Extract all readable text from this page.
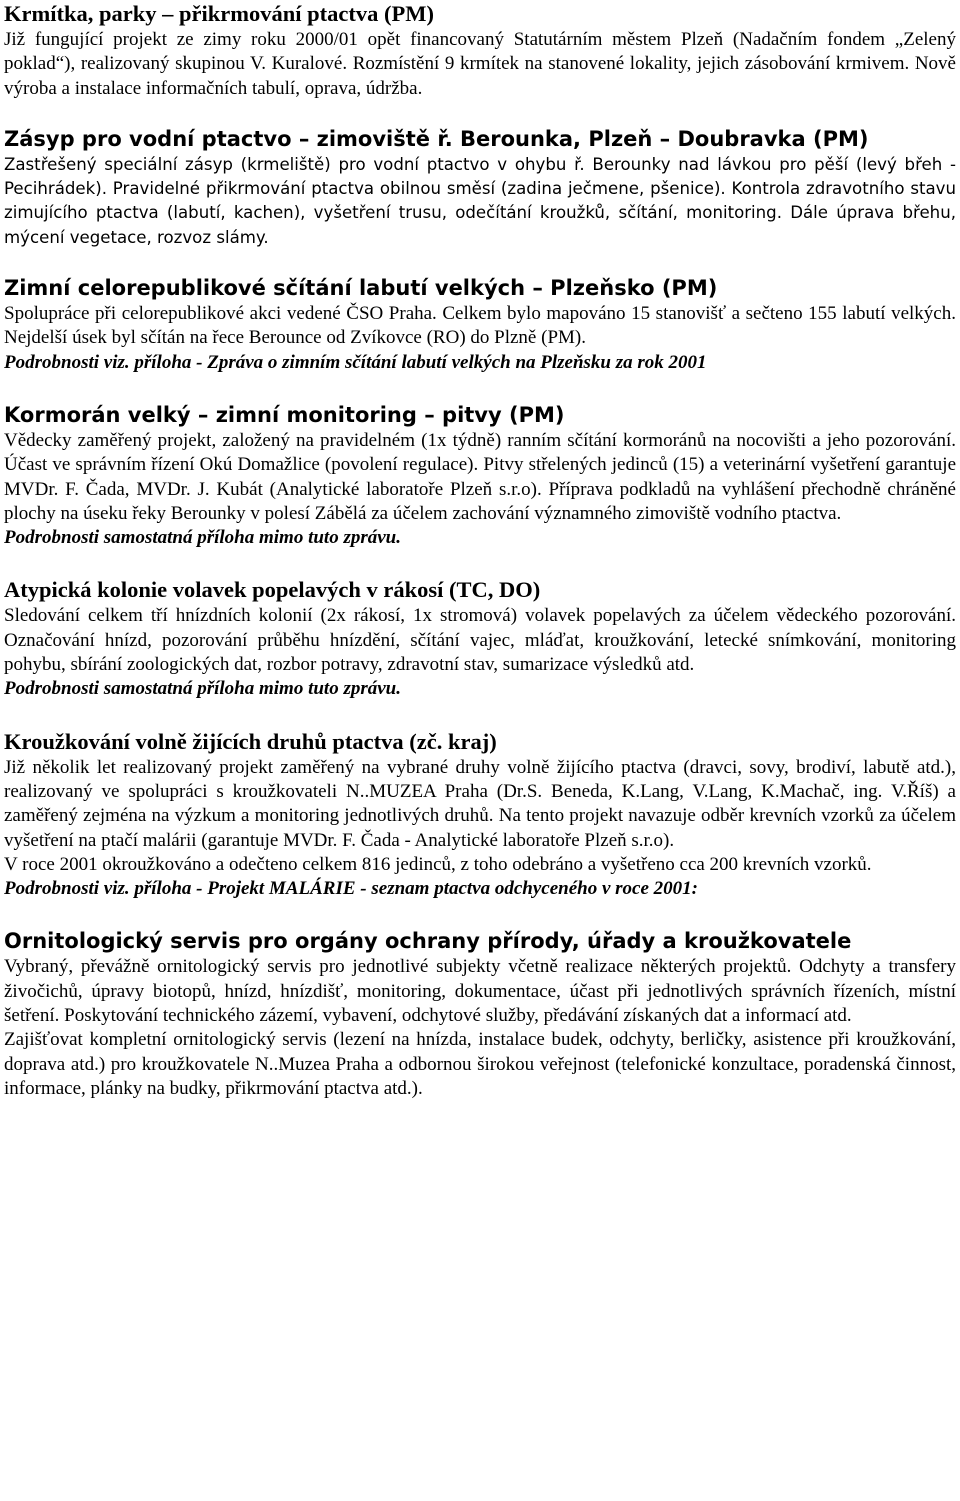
Krmítka, parky – přikrmování ptactva (PM)
Již fungující projekt ze zimy roku 2000/01 opět financovaný Statutárním městem Plzeň (Nadačním fondem „Zelený poklad“), realizovaný skupinou V. Kuralové. Rozmístění 9 krmítek na stanovené lokality, jejich zásobování krmivem. Nově výroba a instalace informačních tabulí, oprava, údržba.
Zásyp pro vodní ptactvo – zimoviště ř. Berounka, Plzeň – Doubravka (PM)
Zastřešený speciální zásyp (krmeliště) pro vodní ptactvo v ohybu ř. Berounky nad lávkou pro pěší (levý břeh - Pecihrádek). Pravidelné přikrmování ptactva obilnou směsí (zadina ječmene, pšenice). Kontrola zdravotního stavu zimujícího ptactva (labutí, kachen), vyšetření trusu, odečítání kroužků, sčítání, monitoring. Dále úprava břehu, mýcení vegetace, rozvoz slámy.
Zimní celorepublikové sčítání labutí velkých – Plzeňsko (PM)
Spolupráce při celorepublikové akci vedené ČSO Praha. Celkem bylo mapováno 15 stanovišť a sečteno 155 labutí velkých. Nejdelší úsek byl sčítán na řece Berounce od Zvíkovce (RO) do Plzně (PM).
Podrobnosti viz. příloha - Zpráva o zimním sčítání labutí velkých na Plzeňsku za rok 2001
Kormorán velký – zimní monitoring – pitvy (PM)
Vědecky zaměřený projekt, založený na pravidelném (1x týdně) ranním sčítání kormoránů na nocovišti a jeho pozorování. Účast ve správním řízení Okú Domažlice (povolení regulace). Pitvy střelených jedinců (15) a veterinární vyšetření garantuje MVDr. F. Čada, MVDr. J. Kubát (Analytické laboratoře Plzeň s.r.o). Příprava podkladů na vyhlášení přechodně chráněné plochy na úseku řeky Berounky v polesí Zábělá za účelem zachování významného zimoviště vodního ptactva.
Podrobnosti samostatná příloha mimo tuto zprávu.
Atypická kolonie volavek popelavých v rákosí (TC, DO)
Sledování celkem tří hnízdních kolonií (2x rákosí, 1x stromová) volavek popelavých za účelem vědeckého pozorování. Označování hnízd, pozorování průběhu hnízdění, sčítání vajec, mláďat, kroužkování, letecké snímkování, monitoring pohybu, sbírání zoologických dat, rozbor potravy, zdravotní stav, sumarizace výsledků atd.
Podrobnosti samostatná příloha mimo tuto zprávu.
Kroužkování volně žijících druhů ptactva (zč. kraj)
Již několik let realizovaný projekt zaměřený na vybrané druhy volně žijícího ptactva (dravci, sovy, brodiví, labutě atd.), realizovaný ve spolupráci s kroužkovateli N..MUZEA Praha (Dr.S. Beneda, K.Lang, V.Lang, K.Machač, ing. V.Říš) a zaměřený zejména na výzkum a monitoring jednotlivých druhů. Na tento projekt navazuje odběr krevních vzorků za účelem vyšetření na ptačí malárii (garantuje MVDr. F. Čada - Analytické laboratoře Plzeň s.r.o).
V roce 2001 okroužkováno a odečteno celkem 816 jedinců, z toho odebráno a vyšetřeno cca 200 krevních vzorků.
Podrobnosti viz. příloha - Projekt MALÁRIE - seznam ptactva odchyceného v roce 2001:
Ornitologický servis pro orgány ochrany přírody, úřady a kroužkovatele
Vybraný, převážně ornitologický servis pro jednotlivé subjekty včetně realizace některých projektů. Odchyty a transfery živočichů, úpravy biotopů, hnízd, hnízdišť, monitoring, dokumentace, účast při jednotlivých správních řízeních, místní šetření. Poskytování technického zázemí, vybavení, odchytové služby, předávání získaných dat a informací atd.
Zajišťovat kompletní ornitologický servis (lezení na hnízda, instalace budek, odchyty, berličky, asistence při kroužkování, doprava atd.) pro kroužkovatele N..Muzea Praha a odbornou širokou veřejnost (telefonické konzultace, poradenská činnost, informace, plánky na budky, přikrmování ptactva atd.).
